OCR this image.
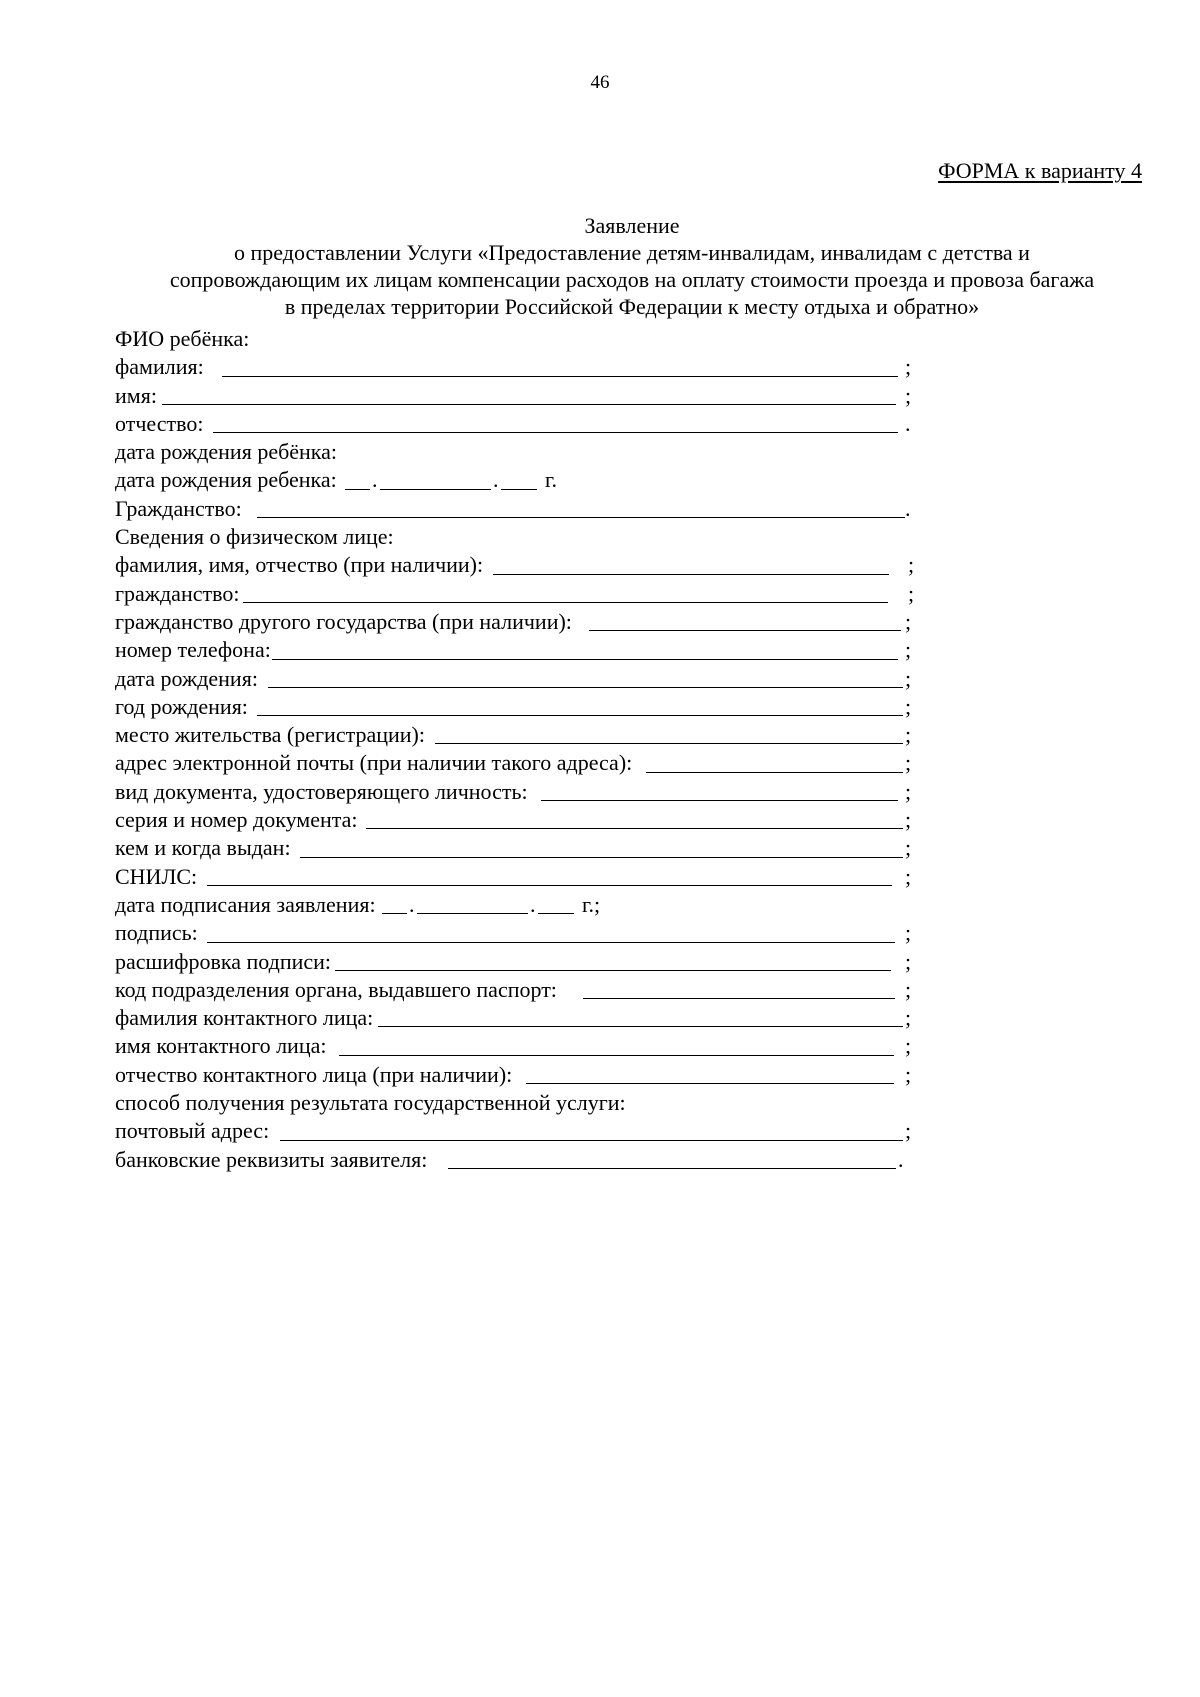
46
ФОРМА к варианту 4
Заявление
о предоставлении Услуги «Предоставление детям-инвалидам, инвалидам с детства и
сопровождающим их лицам компенсации расходов на оплату стоимости проезда и провоза багажа
в пределах территории Российской Федерации к месту отдыха и обратно»
ФИО ребёнка:
фамилия:	;
имя:	;
отчество:	.
дата рождения ребёнка:
дата рождения ребенка: .	. г.
Гражданство:	.
Сведения о физическом лице:
фамилия, имя, отчество (при наличии):	;
гражданство:	;
гражданство другого государства (при наличии):	;
номер телефона:	;
дата рождения:	;
год рождения:	;
место жительства (регистрации):	;
адрес электронной почты (при наличии такого адреса):	;
вид документа, удостоверяющего личность:	;
серия и номер документа:	;
кем и когда выдан:	;
СНИЛС:	;
дата подписания заявления: .	. г.;
подпись:	;
расшифровка подписи:	;
код подразделения органа, выдавшего паспорт:	;
фамилия контактного лица:	;
имя контактного лица:	;
отчество контактного лица (при наличии):	;
способ получения результата государственной услуги:
почтовый адрес:	;
банковские реквизиты заявителя:	.
